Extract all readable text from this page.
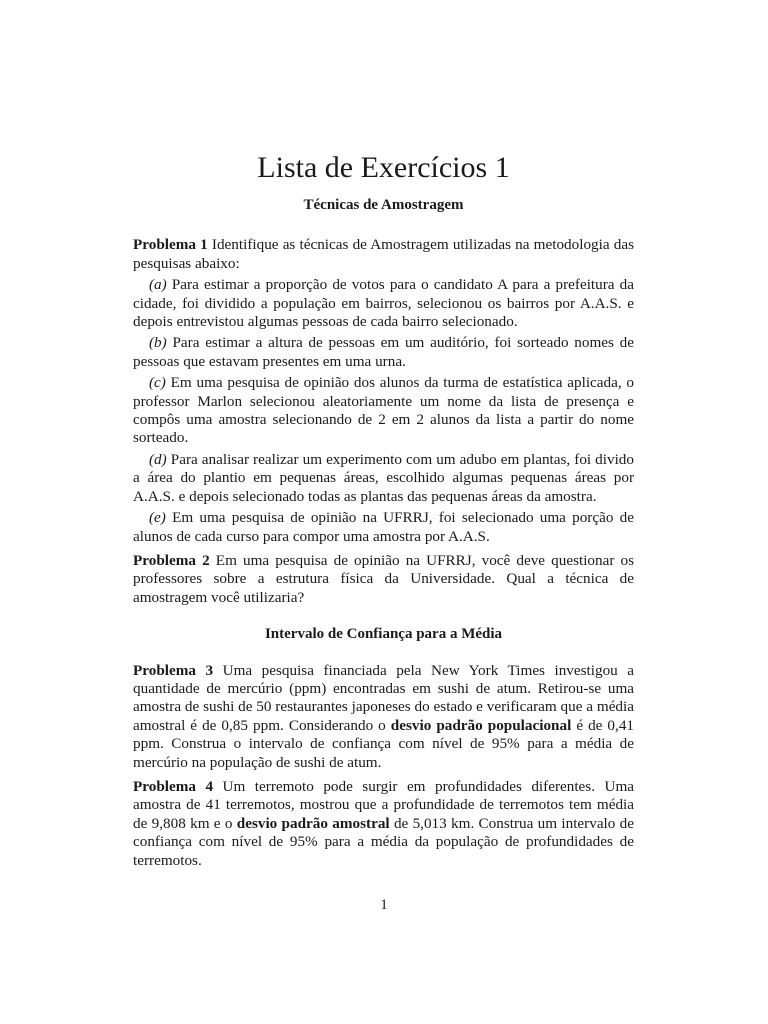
Lista de Exercícios 1
Técnicas de Amostragem
Problema 1 Identifique as técnicas de Amostragem utilizadas na metodologia das pesquisas abaixo:
(a) Para estimar a proporção de votos para o candidato A para a prefeitura da cidade, foi dividido a população em bairros, selecionou os bairros por A.A.S. e depois entrevistou algumas pessoas de cada bairro selecionado.
(b) Para estimar a altura de pessoas em um auditório, foi sorteado nomes de pessoas que estavam presentes em uma urna.
(c) Em uma pesquisa de opinião dos alunos da turma de estatística aplicada, o professor Marlon selecionou aleatoriamente um nome da lista de presença e compôs uma amostra selecionando de 2 em 2 alunos da lista a partir do nome sorteado.
(d) Para analisar realizar um experimento com um adubo em plantas, foi divido a área do plantio em pequenas áreas, escolhido algumas pequenas áreas por A.A.S. e depois selecionado todas as plantas das pequenas áreas da amostra.
(e) Em uma pesquisa de opinião na UFRRJ, foi selecionado uma porção de alunos de cada curso para compor uma amostra por A.A.S.
Problema 2 Em uma pesquisa de opinião na UFRRJ, você deve questionar os professores sobre a estrutura física da Universidade. Qual a técnica de amostragem você utilizaria?
Intervalo de Confiança para a Média
Problema 3 Uma pesquisa financiada pela New York Times investigou a quantidade de mercúrio (ppm) encontradas em sushi de atum. Retirou-se uma amostra de sushi de 50 restaurantes japoneses do estado e verificaram que a média amostral é de 0,85 ppm. Considerando o desvio padrão populacional é de 0,41 ppm. Construa o intervalo de confiança com nível de 95% para a média de mercúrio na população de sushi de atum.
Problema 4 Um terremoto pode surgir em profundidades diferentes. Uma amostra de 41 terremotos, mostrou que a profundidade de terremotos tem média de 9,808 km e o desvio padrão amostral de 5,013 km. Construa um intervalo de confiança com nível de 95% para a média da população de profundidades de terremotos.
1
